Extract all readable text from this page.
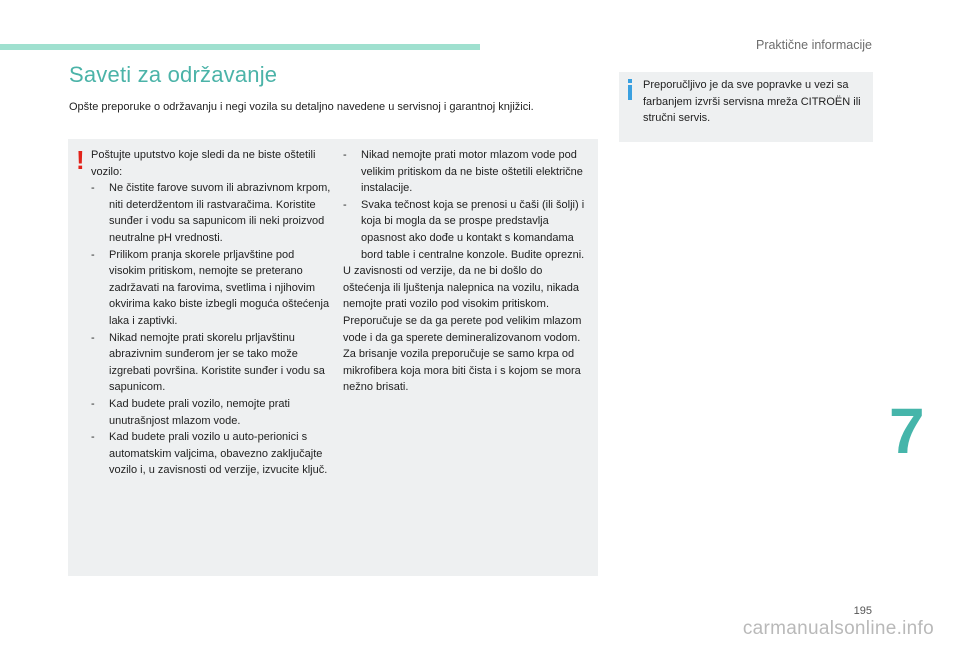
Praktične informacije
Saveti za održavanje
Opšte preporuke o održavanju i negi vozila su detaljno navedene u servisnoj i garantnoj knjižici.
! Poštujte uputstvo koje sledi da ne biste oštetili vozilo:

- Ne čistite farove suvom ili abrazivnom krpom, niti deterdžentom ili rastvaračima. Koristite sunđer i vodu sa sapunicom ili neki proizvod neutralne pH vrednosti.
- Prilikom pranja skorele prljavštine pod visokim pritiskom, nemojte se preterano zadržavati na farovima, svetlima i njihovim okvirima kako biste izbegli moguća oštećenja laka i zaptivki.
- Nikad nemojte prati skorelu prljavštinu abrazivnim sunđerom jer se tako može izgrebati površina. Koristite sunđer i vodu sa sapunicom.
- Kad budete prali vozilo, nemojte prati unutrašnjost mlazom vode.
- Kad budete prali vozilo u auto-perionici s automatskim valjcima, obavezno zaključajte vozilo i, u zavisnosti od verzije, izvucite ključ.
- Nikad nemojte prati motor mlazom vode pod velikim pritiskom da ne biste oštetili električne instalacije.
- Svaka tečnost koja se prenosi u čaši (ili šolji) i koja bi mogla da se prospe predstavlja opasnost ako dođe u kontakt s komandama bord table i centralne konzole. Budite oprezni.

U zavisnosti od verzije, da ne bi došlo do oštećenja ili ljuštenja nalepnica na vozilu, nikada nemojte prati vozilo pod visokim pritiskom. Preporučuje se da ga perete pod velikim mlazom vode i da ga sperete demineralizovanom vodom.

Za brisanje vozila preporučuje se samo krpa od mikrofibera koja mora biti čista i s kojom se mora nežno brisati.

Preporučljivo je da sve popravke u vezi sa farbanjem izvrši servisna mreža CITROËN ili stručni servis.
7
195
carmanualsonline.info
